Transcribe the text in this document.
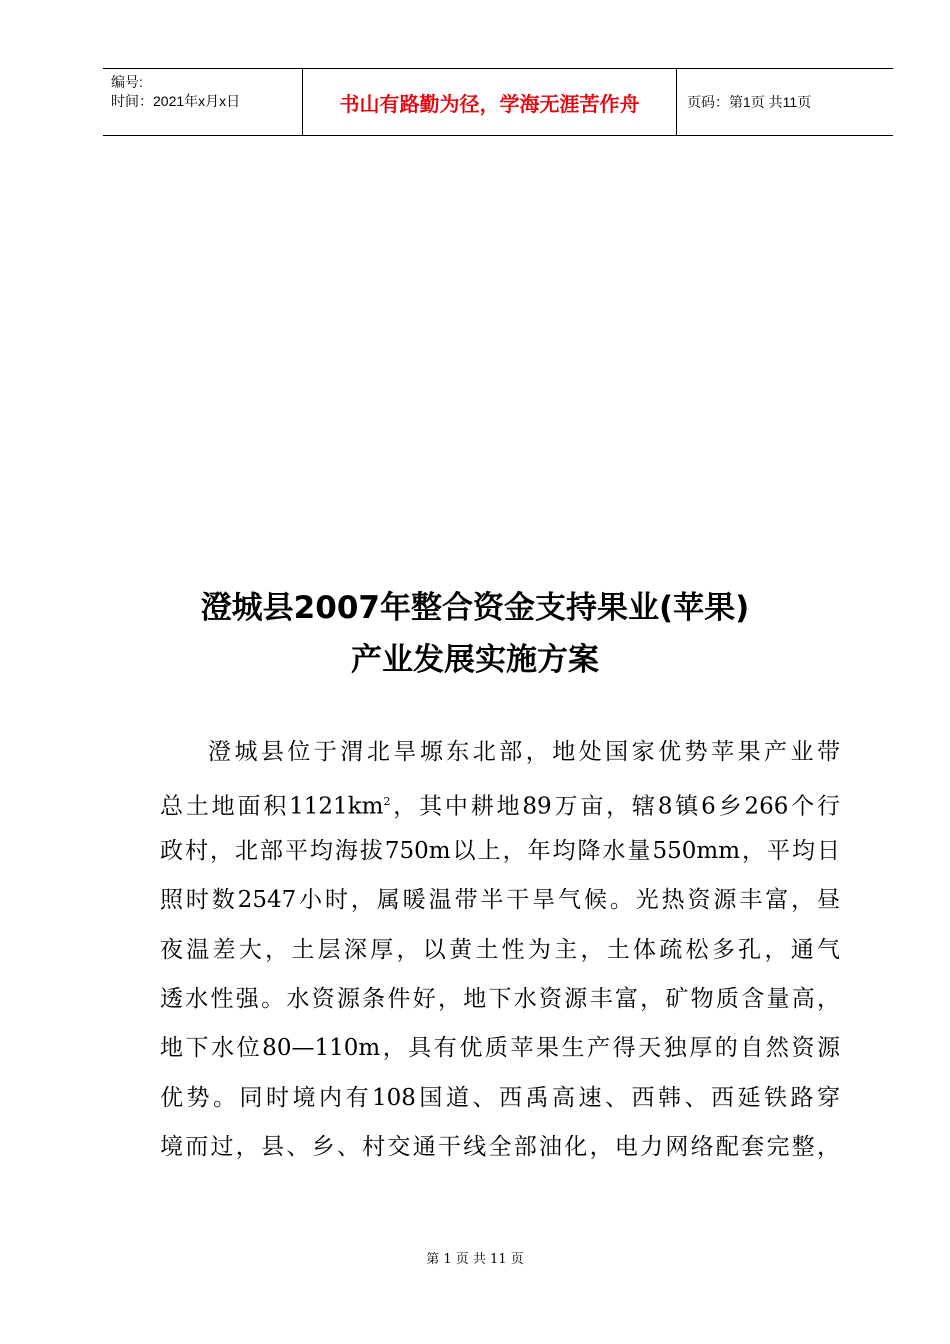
编号:
时间：2021年x月x日	书山有路勤为径，学海无涯苦作舟	页码：第1页 共11页
澄城县2007年整合资金支持果业(苹果)
产业发展实施方案
澄城县位于渭北旱塬东北部，地处国家优势苹果产业带
总土地面积$1121km^2$，其中耕地89万亩，辖8镇6乡266个行
政村，北部平均海拔750m以上，年均降水量550mm，平均日
照时数2547小时，属暖温带半干旱气候。光热资源丰富，昼
夜温差大，土层深厚，以黄土性为主，土体疏松多孔，通气
透水性强。水资源条件好，地下水资源丰富，矿物质含量高，
地下水位80—110m，具有优质苹果生产得天独厚的自然资源
优势。同时境内有108国道、西禹高速、西韩、西延铁路穿
境而过，县、乡、村交通干线全部油化，电力网络配套完整，
第 1 页 共 11 页
